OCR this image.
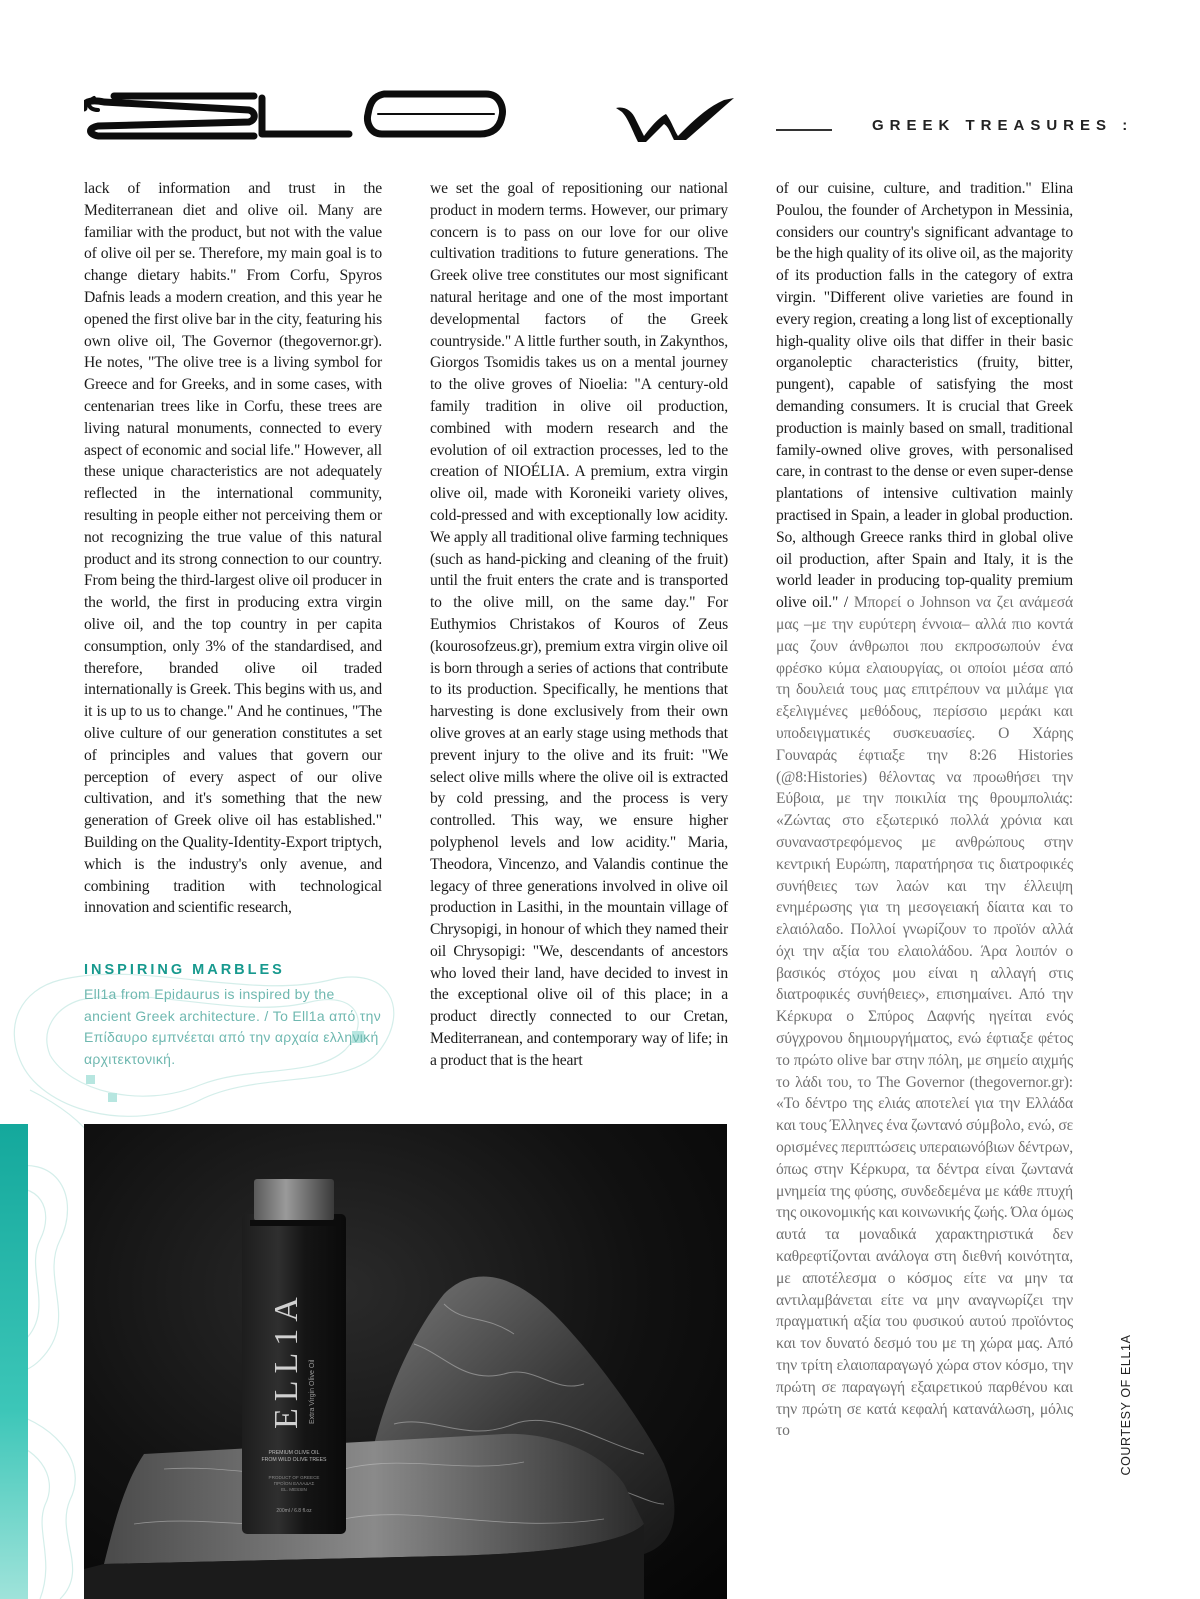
GREEK TREASURES :

lack of information and trust in the Mediterranean diet and olive oil. Many are familiar with the product, but not with the value of olive oil per se. Therefore, my main goal is to change dietary habits." From Corfu, Spyros Dafnis leads a modern creation, and this year he opened the first olive bar in the city, featuring his own olive oil, The Governor (thegovernor.gr). He notes, "The olive tree is a living symbol for Greece and for Greeks, and in some cases, with centenarian trees like in Corfu, these trees are living natural monuments, connected to every aspect of economic and social life." However, all these unique characteristics are not adequately reflected in the international community, resulting in people either not perceiving them or not recognizing the true value of this natural product and its strong connection to our country. From being the third-largest olive oil producer in the world, the first in producing extra virgin olive oil, and the top country in per capita consumption, only 3% of the standardised, and therefore, branded olive oil traded internationally is Greek. This begins with us, and it is up to us to change." And he continues, "The olive culture of our generation constitutes a set of principles and values that govern our perception of every aspect of our olive cultivation, and it's something that the new generation of Greek olive oil has established." Building on the Quality-Identity-Export triptych, which is the industry's only avenue, and combining tradition with technological innovation and scientific research,

we set the goal of repositioning our national product in modern terms. However, our primary concern is to pass on our love for our olive cultivation traditions to future generations. The Greek olive tree constitutes our most significant natural heritage and one of the most important developmental factors of the Greek countryside." A little further south, in Zakynthos, Giorgos Tsomidis takes us on a mental journey to the olive groves of Nioelia: "A century-old family tradition in olive oil production, combined with modern research and the evolution of oil extraction processes, led to the creation of NIOÉLIA. A premium, extra virgin olive oil, made with Koroneiki variety olives, cold-pressed and with exceptionally low acidity. We apply all traditional olive farming techniques (such as hand-picking and cleaning of the fruit) until the fruit enters the crate and is transported to the olive mill, on the same day." For Euthymios Christakos of Kouros of Zeus (kourosofzeus.gr), premium extra virgin olive oil is born through a series of actions that contribute to its production. Specifically, he mentions that harvesting is done exclusively from their own olive groves at an early stage using methods that prevent injury to the olive and its fruit: "We select olive mills where the olive oil is extracted by cold pressing, and the process is very controlled. This way, we ensure higher polyphenol levels and low acidity." Maria, Theodora, Vincenzo, and Valandis continue the legacy of three generations involved in olive oil production in Lasithi, in the mountain village of Chrysopigi, in honour of which they named their oil Chrysopigi: "We, descendants of ancestors who loved their land, have decided to invest in the exceptional olive oil of this place; in a product directly connected to our Cretan, Mediterranean, and contemporary way of life; in a product that is the heart

of our cuisine, culture, and tradition." Elina Poulou, the founder of Archetypon in Messinia, considers our country's significant advantage to be the high quality of its olive oil, as the majority of its production falls in the category of extra virgin. "Different olive varieties are found in every region, creating a long list of exceptionally high-quality olive oils that differ in their basic organoleptic characteristics (fruity, bitter, pungent), capable of satisfying the most demanding consumers. It is crucial that Greek production is mainly based on small, traditional family-owned olive groves, with personalised care, in contrast to the dense or even super-dense plantations of intensive cultivation mainly practised in Spain, a leader in global production. So, although Greece ranks third in global olive oil production, after Spain and Italy, it is the world leader in producing top-quality premium olive oil." / Μπορεί ο Johnson να ζει ανάμεσά μας –με την ευρύτερη έννοια– αλλά πιο κοντά μας ζουν άνθρωποι που εκπροσωπούν ένα φρέσκο κύμα ελαιουργίας, οι οποίοι μέσα από τη δουλειά τους μας επιτρέπουν να μιλάμε για εξελιγμένες μεθόδους, περίσσιο μεράκι και υποδειγματικές συσκευασίες. Ο Χάρης Γουναράς έφτιαξε την 8:26 Histories (@8:Histories) θέλοντας να προωθήσει την Εύβοια, με την ποικιλία της θρουμπολιάς: «Ζώντας στο εξωτερικό πολλά χρόνια και συναναστρεφόμενος με ανθρώπους στην κεντρική Ευρώπη, παρατήρησα τις διατροφικές συνήθειες των λαών και την έλλειψη ενημέρωσης για τη μεσογειακή δίαιτα και το ελαιόλαδο. Πολλοί γνωρίζουν το προϊόν αλλά όχι την αξία του ελαιολάδου. Άρα λοιπόν ο βασικός στόχος μου είναι η αλλαγή στις διατροφικές συνήθειες», επισημαίνει. Από την Κέρκυρα ο Σπύρος Δαφνής ηγείται ενός σύγχρονου δημιουργήματος, ενώ έφτιαξε φέτος το πρώτο olive bar στην πόλη, με σημείο αιχμής το λάδι του, το The Governor (thegovernor.gr): «Το δέντρο της ελιάς αποτελεί για την Ελλάδα και τους Έλληνες ένα ζωντανό σύμβολο, ενώ, σε ορισμένες περιπτώσεις υπεραιωνόβιων δέντρων, όπως στην Κέρκυρα, τα δέντρα είναι ζωντανά μνημεία της φύσης, συνδεδεμένα με κάθε πτυχή της οικονομικής και κοινωνικής ζωής. Όλα όμως αυτά τα μοναδικά χαρακτηριστικά δεν καθρεφτίζονται ανάλογα στη διεθνή κοινότητα, με αποτέλεσμα ο κόσμος είτε να μην τα αντιλαμβάνεται είτε να μην αναγνωρίζει την πραγματική αξία του φυσικού αυτού προϊόντος και τον δυνατό δεσμό του με τη χώρα μας. Από την τρίτη ελαιοπαραγωγό χώρα στον κόσμο, την πρώτη σε παραγωγή εξαιρετικού παρθένου και την πρώτη σε κατά κεφαλή κατανάλωση, μόλις το

INSPIRING MARBLES
Ell1a from Epidaurus is inspired by the ancient Greek architecture. / Το Ell1a από την Επίδαυρο εμπνέεται από την αρχαία ελληνική αρχιτεκτονική.
ELL1A Extra Virgin Olive Oil
PREMIUM OLIVE OIL
FROM WILD OLIVE TREES
PRODUCT OF GREECE
ΠΡΟΪΟΝ ΕΛΛΑΔΑΣ
EL. MESSIN
200ml / 6.8 fl.oz
COURTESY OF ELL1A
